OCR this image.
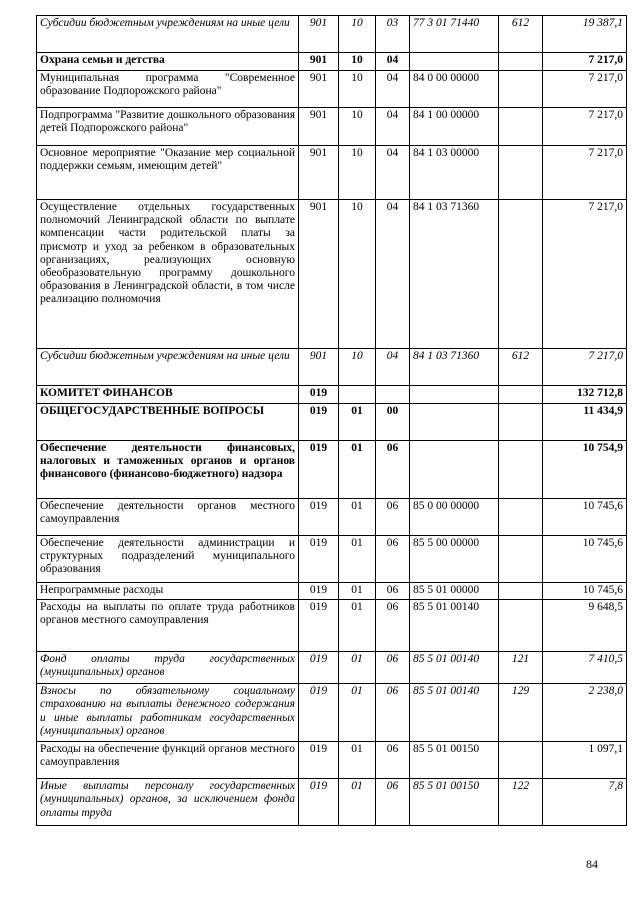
Субсидии бюджетным учреждениям на иные цели	901	10	03	77 3 01 71440	612	19 387,1
Охрана семьи и детства	901	10	04			7 217,0
Муниципальная программа "Современное образование Подпорожского района"	901	10	04	84 0 00 00000		7 217,0
Подпрограмма "Развитие дошкольного образования детей Подпорожского района"	901	10	04	84 1 00 00000		7 217,0
Основное мероприятие "Оказание мер социальной поддержки семьям, имеющим детей"	901	10	04	84 1 03 00000		7 217,0
Осуществление отдельных государственных полномочий Ленинградской области по выплате компенсации части родительской платы за присмотр и уход за ребенком в образовательных организациях, реализующих основную обеобразовательную программу дошкольного образования в Ленинградской области, в том числе реализацию полномочия	901	10	04	84 1 03 71360		7 217,0
Субсидии бюджетным учреждениям на иные цели	901	10	04	84 1 03 71360	612	7 217,0
КОМИТЕТ ФИНАНСОВ	019					132 712,8
ОБЩЕГОСУДАРСТВЕННЫЕ ВОПРОСЫ	019	01	00			11 434,9
Обеспечение деятельности финансовых, налоговых и таможенных органов и органов финансового (финансово-бюджетного) надзора	019	01	06			10 754,9
Обеспечение деятельности органов местного самоуправления	019	01	06	85 0 00 00000		10 745,6
Обеспечение деятельности администрации и структурных подразделений муниципального образования	019	01	06	85 5 00 00000		10 745,6
Непрограммные расходы	019	01	06	85 5 01 00000		10 745,6
Расходы на выплаты по оплате труда работников органов местного самоуправления	019	01	06	85 5 01 00140		9 648,5
Фонд оплаты труда государственных (муниципальных) органов	019	01	06	85 5 01 00140	121	7 410,5
Взносы по обязательному социальному страхованию на выплаты денежного содержания и иные выплаты работникам государственных (муниципальных) органов	019	01	06	85 5 01 00140	129	2 238,0
Расходы на обеспечение функций органов местного самоуправления	019	01	06	85 5 01 00150		1 097,1
Иные выплаты персоналу государственных (муниципальных) органов, за исключением фонда оплаты труда	019	01	06	85 5 01 00150	122	7,8
84
